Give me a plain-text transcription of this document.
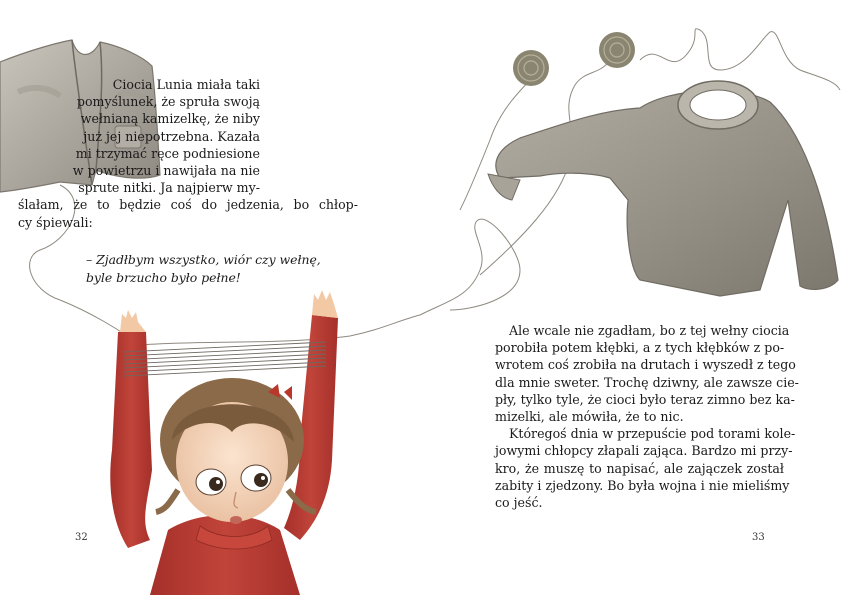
Ciocia Lunia miała taki
pomyślunek, że spruła swoją
wełnianą kamizelkę, że niby
już jej niepotrzebna. Kazała
mi trzymać ręce podniesione
w powietrzu i nawijała na nie
sprute nitki. Ja najpierw my-
ślałam, że to będzie coś do jedzenia, bo chłop-
cy śpiewali:
– Zjadłbym wszystko, wiór czy wełnę,
byle brzucho było pełne!
32
Ale wcale nie zgadłam, bo z tej wełny ciocia
porobiła potem kłębki, a z tych kłębków z po-
wrotem coś zrobiła na drutach i wyszedł z tego
dla mnie sweter. Trochę dziwny, ale zawsze cie-
pły, tylko tyle, że cioci było teraz zimno bez ka-
mizelki, ale mówiła, że to nic.
Któregoś dnia w przepuście pod torami kole-
jowymi chłopcy złapali zająca. Bardzo mi przy-
kro, że muszę to napisać, ale zajączek został
zabity i zjedzony. Bo była wojna i nie mieliśmy
co jeść.
33
